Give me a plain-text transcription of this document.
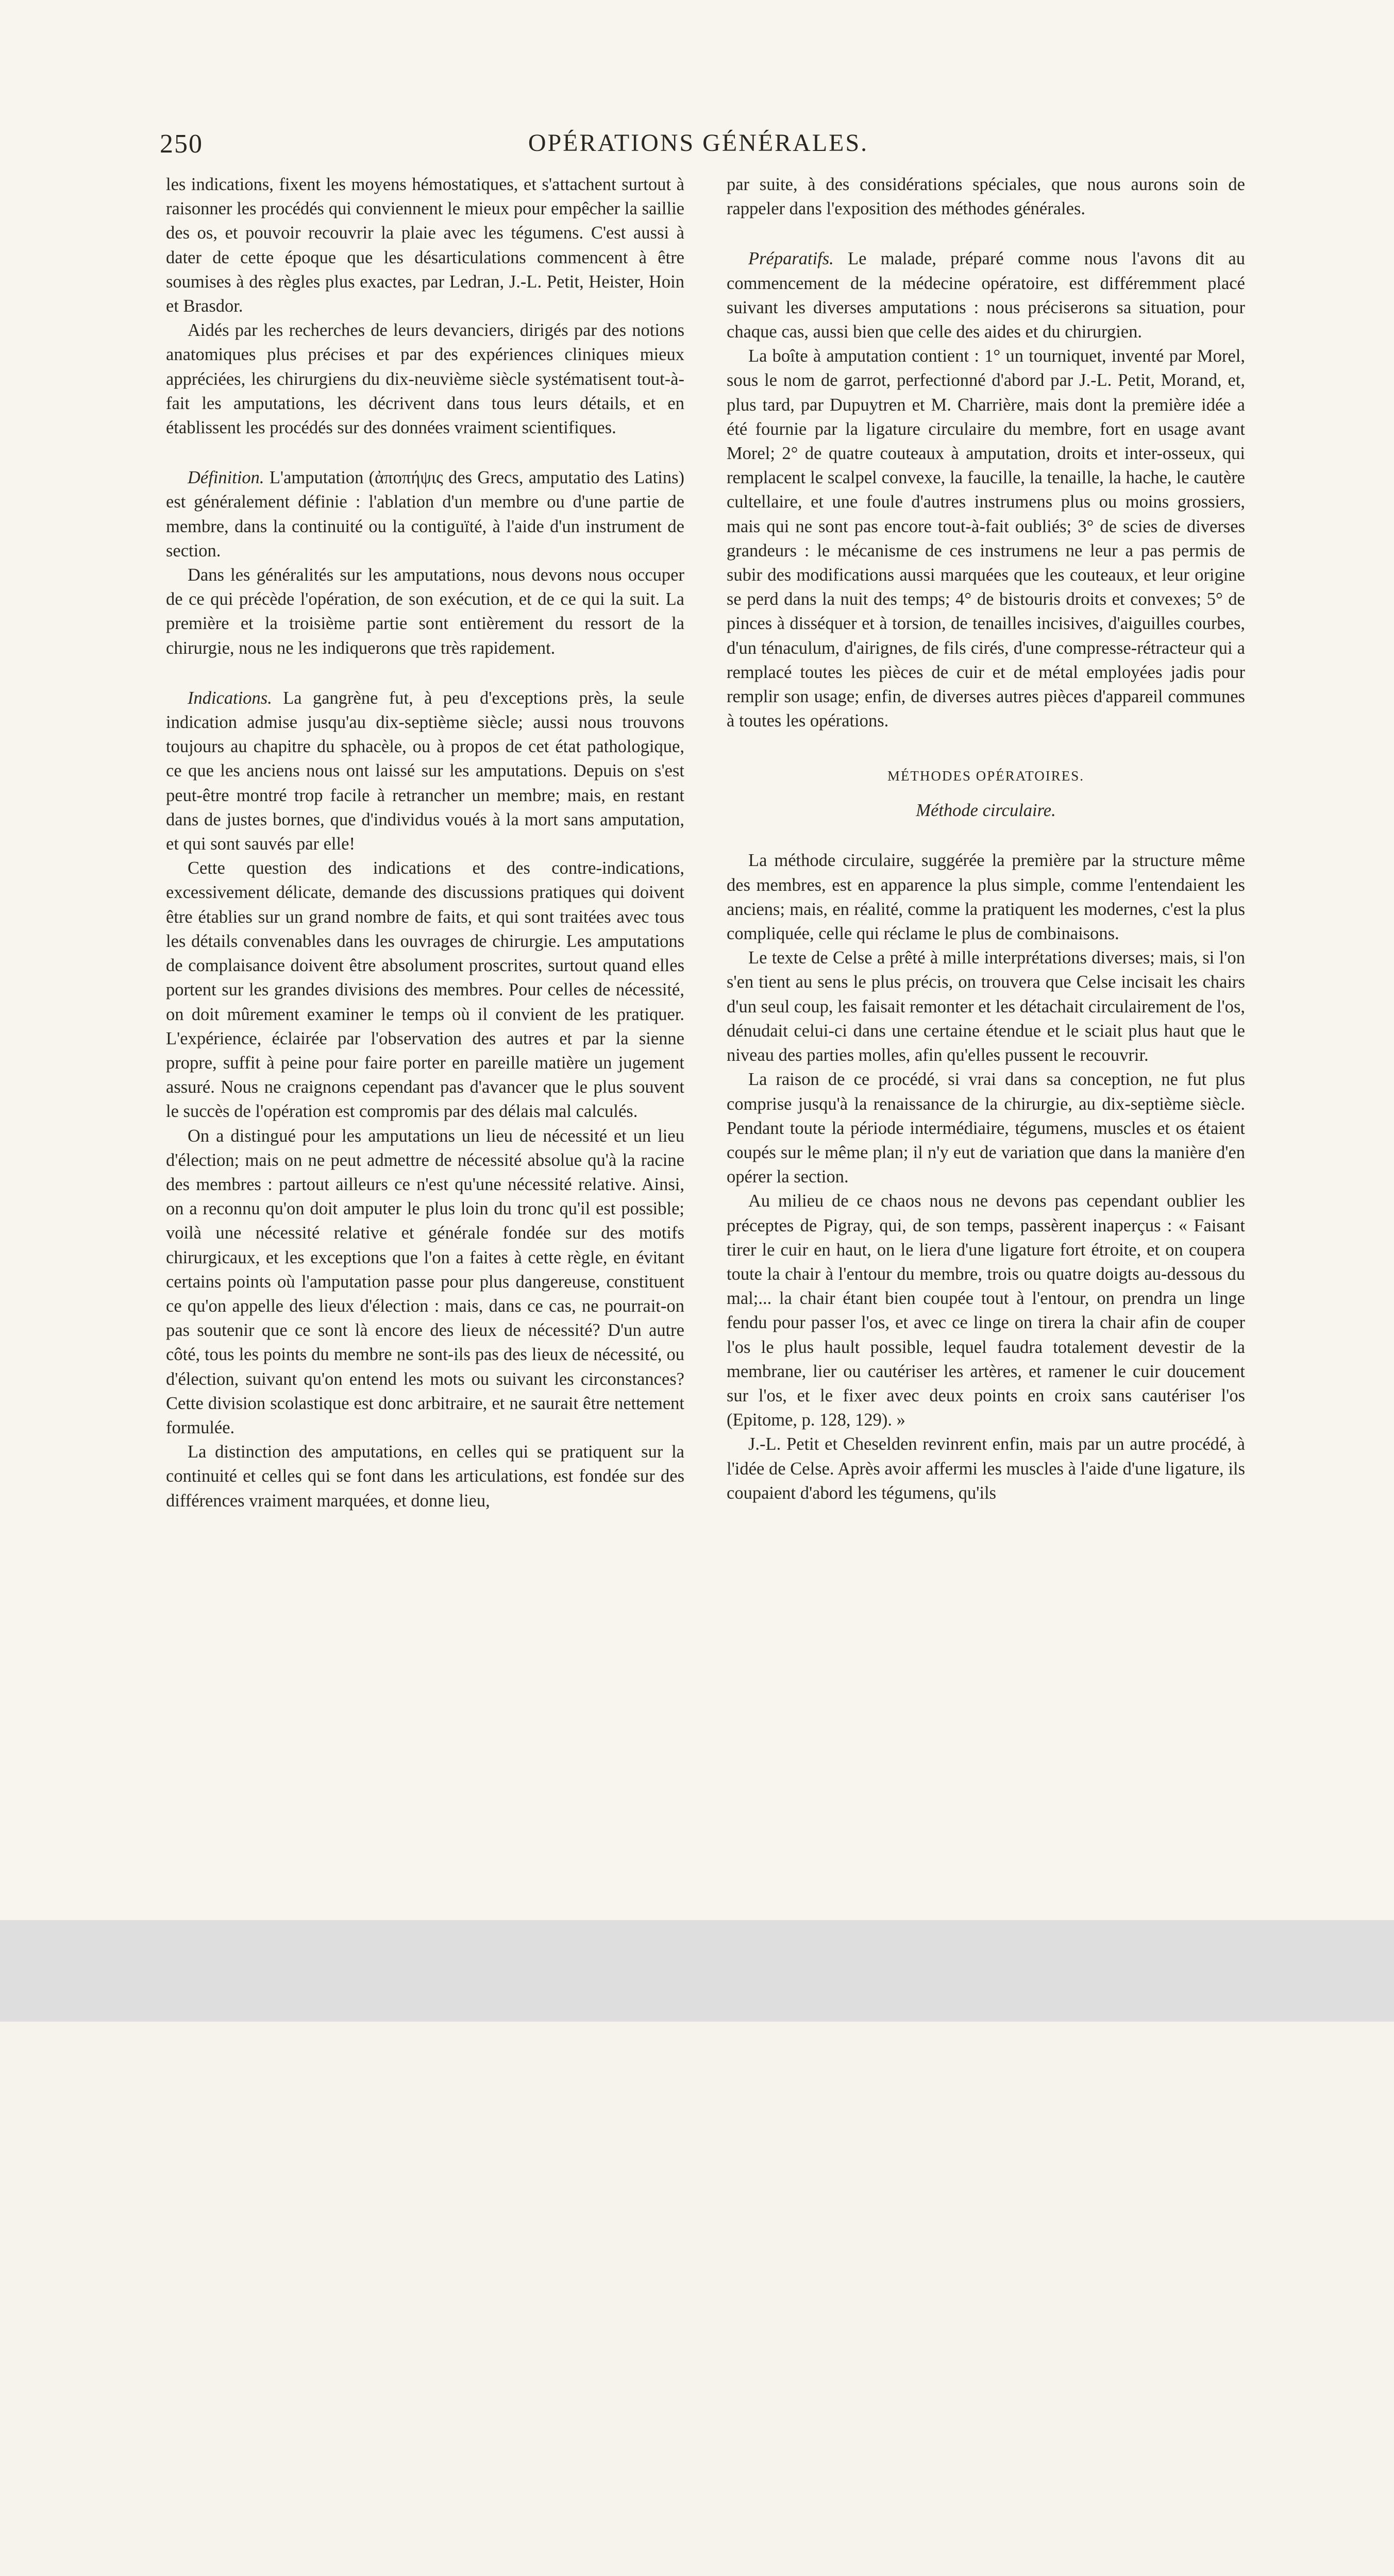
250	OPÉRATIONS GÉNÉRALES.

les indications, fixent les moyens hémostatiques, et s'attachent surtout à raisonner les procédés qui conviennent le mieux pour empêcher la saillie des os, et pouvoir recouvrir la plaie avec les tégumens. C'est aussi à dater de cette époque que les désarticulations commencent à être soumises à des règles plus exactes, par Ledran, J.-L. Petit, Heister, Hoin et Brasdor.

Aidés par les recherches de leurs devanciers, dirigés par des notions anatomiques plus précises et par des expériences cliniques mieux appréciées, les chirurgiens du dix-neuvième siècle systématisent tout-à-fait les amputations, les décrivent dans tous leurs détails, et en établissent les procédés sur des données vraiment scientifiques.

Définition. L'amputation (ἀποπήψις des Grecs, amputatio des Latins) est généralement définie : l'ablation d'un membre ou d'une partie de membre, dans la continuité ou la contiguïté, à l'aide d'un instrument de section.

Dans les généralités sur les amputations, nous devons nous occuper de ce qui précède l'opération, de son exécution, et de ce qui la suit. La première et la troisième partie sont entièrement du ressort de la chirurgie, nous ne les indiquerons que très rapidement.

Indications. La gangrène fut, à peu d'exceptions près, la seule indication admise jusqu'au dix-septième siècle; aussi nous trouvons toujours au chapitre du sphacèle, ou à propos de cet état pathologique, ce que les anciens nous ont laissé sur les amputations. Depuis on s'est peut-être montré trop facile à retrancher un membre; mais, en restant dans de justes bornes, que d'individus voués à la mort sans amputation, et qui sont sauvés par elle!

Cette question des indications et des contre-indications, excessivement délicate, demande des discussions pratiques qui doivent être établies sur un grand nombre de faits, et qui sont traitées avec tous les détails convenables dans les ouvrages de chirurgie. Les amputations de complaisance doivent être absolument proscrites, surtout quand elles portent sur les grandes divisions des membres. Pour celles de nécessité, on doit mûrement examiner le temps où il convient de les pratiquer. L'expérience, éclairée par l'observation des autres et par la sienne propre, suffit à peine pour faire porter en pareille matière un jugement assuré. Nous ne craignons cependant pas d'avancer que le plus souvent le succès de l'opération est compromis par des délais mal calculés.

On a distingué pour les amputations un lieu de nécessité et un lieu d'élection; mais on ne peut admettre de nécessité absolue qu'à la racine des membres : partout ailleurs ce n'est qu'une nécessité relative. Ainsi, on a reconnu qu'on doit amputer le plus loin du tronc qu'il est possible; voilà une nécessité relative et générale fondée sur des motifs chirurgicaux, et les exceptions que l'on a faites à cette règle, en évitant certains points où l'amputation passe pour plus dangereuse, constituent ce qu'on appelle des lieux d'élection : mais, dans ce cas, ne pourrait-on pas soutenir que ce sont là encore des lieux de nécessité? D'un autre côté, tous les points du membre ne sont-ils pas des lieux de nécessité, ou d'élection, suivant qu'on entend les mots ou suivant les circonstances? Cette division scolastique est donc arbitraire, et ne saurait être nettement formulée.

La distinction des amputations, en celles qui se pratiquent sur la continuité et celles qui se font dans les articulations, est fondée sur des différences vraiment marquées, et donne lieu,

par suite, à des considérations spéciales, que nous aurons soin de rappeler dans l'exposition des méthodes générales.

Préparatifs. Le malade, préparé comme nous l'avons dit au commencement de la médecine opératoire, est différemment placé suivant les diverses amputations : nous préciserons sa situation, pour chaque cas, aussi bien que celle des aides et du chirurgien.

La boîte à amputation contient : 1° un tourniquet, inventé par Morel, sous le nom de garrot, perfectionné d'abord par J.-L. Petit, Morand, et, plus tard, par Dupuytren et M. Charrière, mais dont la première idée a été fournie par la ligature circulaire du membre, fort en usage avant Morel; 2° de quatre couteaux à amputation, droits et inter-osseux, qui remplacent le scalpel convexe, la faucille, la tenaille, la hache, le cautère cultellaire, et une foule d'autres instrumens plus ou moins grossiers, mais qui ne sont pas encore tout-à-fait oubliés; 3° de scies de diverses grandeurs : le mécanisme de ces instrumens ne leur a pas permis de subir des modifications aussi marquées que les couteaux, et leur origine se perd dans la nuit des temps; 4° de bistouris droits et convexes; 5° de pinces à disséquer et à torsion, de tenailles incisives, d'aiguilles courbes, d'un ténaculum, d'airignes, de fils cirés, d'une compresse-rétracteur qui a remplacé toutes les pièces de cuir et de métal employées jadis pour remplir son usage; enfin, de diverses autres pièces d'appareil communes à toutes les opérations.

MÉTHODES OPÉRATOIRES.
Méthode circulaire.

La méthode circulaire, suggérée la première par la structure même des membres, est en apparence la plus simple, comme l'entendaient les anciens; mais, en réalité, comme la pratiquent les modernes, c'est la plus compliquée, celle qui réclame le plus de combinaisons.

Le texte de Celse a prêté à mille interprétations diverses; mais, si l'on s'en tient au sens le plus précis, on trouvera que Celse incisait les chairs d'un seul coup, les faisait remonter et les détachait circulairement de l'os, dénudait celui-ci dans une certaine étendue et le sciait plus haut que le niveau des parties molles, afin qu'elles pussent le recouvrir.

La raison de ce procédé, si vrai dans sa conception, ne fut plus comprise jusqu'à la renaissance de la chirurgie, au dix-septième siècle. Pendant toute la période intermédiaire, tégumens, muscles et os étaient coupés sur le même plan; il n'y eut de variation que dans la manière d'en opérer la section.

Au milieu de ce chaos nous ne devons pas cependant oublier les préceptes de Pigray, qui, de son temps, passèrent inaperçus : « Faisant tirer le cuir en haut, on le liera d'une ligature fort étroite, et on coupera toute la chair à l'entour du membre, trois ou quatre doigts au-dessous du mal;... la chair étant bien coupée tout à l'entour, on prendra un linge fendu pour passer l'os, et avec ce linge on tirera la chair afin de couper l'os le plus hault possible, lequel faudra totalement devestir de la membrane, lier ou cautériser les artères, et ramener le cuir doucement sur l'os, et le fixer avec deux points en croix sans cautériser l'os (Epitome, p. 128, 129). »

J.-L. Petit et Cheselden revinrent enfin, mais par un autre procédé, à l'idée de Celse. Après avoir affermi les muscles à l'aide d'une ligature, ils coupaient d'abord les tégumens, qu'ils
